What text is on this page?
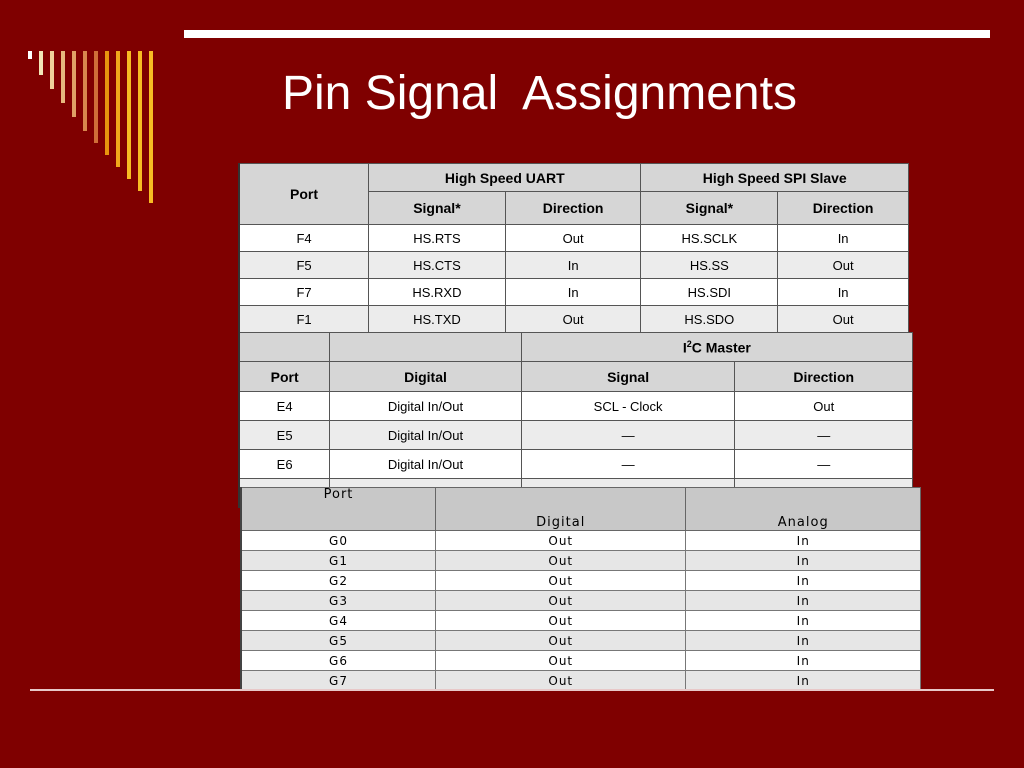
Pin Signal  Assignments
Port	High Speed UART		High Speed SPI Slave	
	Signal*	Direction	Signal*	Direction
F4	HS.RTS	Out	HS.SCLK	In
F5	HS.CTS	In	HS.SS	Out
F7	HS.RXD	In	HS.SDI	In
F1	HS.TXD	Out	HS.SDO	Out
		$I^2C$ Master	
Port	Digital	Signal	Direction
E4	Digital In/Out	SCL - Clock	Out
E5	Digital In/Out	—	—
E6	Digital In/Out	—	—

Port	Digital	Analog
G0	Out	In
G1	Out	In
G2	Out	In
G3	Out	In
G4	Out	In
G5	Out	In
G6	Out	In
G7	Out	In
